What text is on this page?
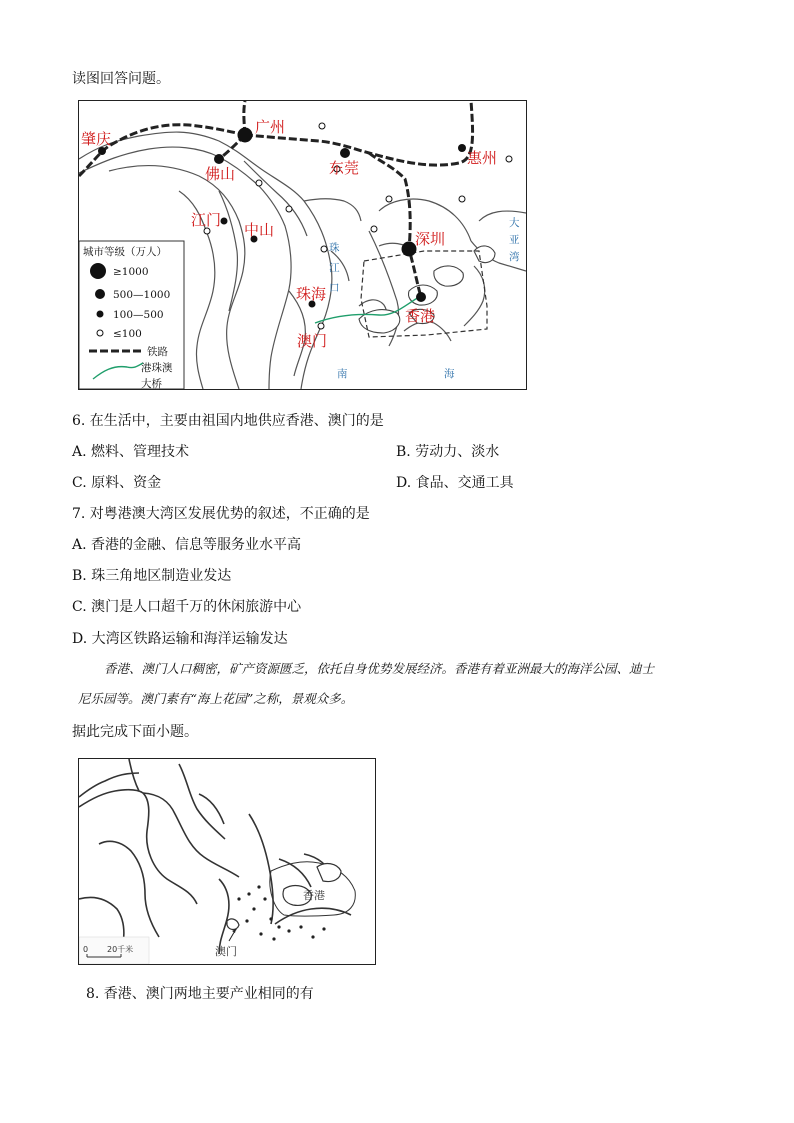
读图回答问题。
肇庆
广州
佛山	东莞
惠州
江门
中山	深圳
珠海
香港
澳门
珠
江
口
大
亚
湾
南	海
城市等级（万人）
≥1000
500—1000
100—500
≤100
铁路
港珠澳
大桥
6. 在生活中，主要由祖国内地供应香港、澳门的是
A. 燃料、管理技术	B. 劳动力、淡水
C. 原料、资金	D. 食品、交通工具
7. 对粤港澳大湾区发展优势的叙述，不正确的是
A. 香港的金融、信息等服务业水平高
B. 珠三角地区制造业发达
C. 澳门是人口超千万的休闲旅游中心
D. 大湾区铁路运输和海洋运输发达
香港、澳门人口稠密，矿产资源匮乏，依托自身优势发展经济。香港有着亚洲最大的海洋公园、迪士
尼乐园等。澳门素有“海上花园”之称，景观众多。
据此完成下面小题。
0 20千米
香港
澳门
8. 香港、澳门两地主要产业相同的有
